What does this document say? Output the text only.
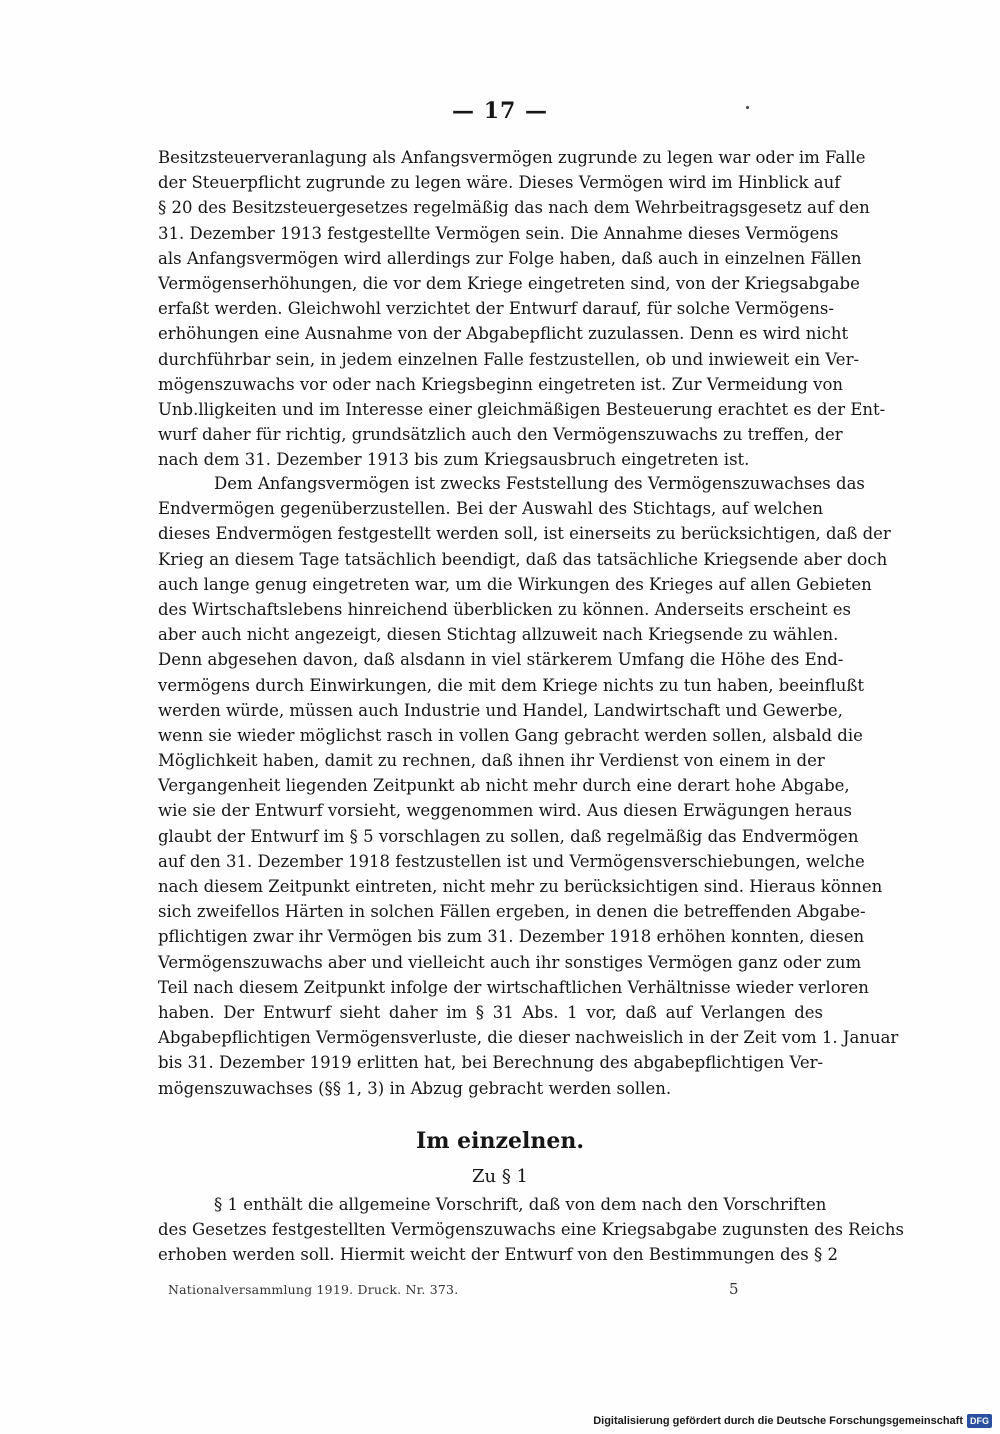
— 17 —
Besitzsteuerveranlagung als Anfangsvermögen zugrunde zu legen war oder im Falle
der Steuerpflicht zugrunde zu legen wäre. Dieses Vermögen wird im Hinblick auf
§ 20 des Besitzsteuergesetzes regelmäßig das nach dem Wehrbeitragsgesetz auf den
31. Dezember 1913 festgestellte Vermögen sein. Die Annahme dieses Vermögens
als Anfangsvermögen wird allerdings zur Folge haben, daß auch in einzelnen Fällen
Vermögenserhöhungen, die vor dem Kriege eingetreten sind, von der Kriegsabgabe
erfaßt werden. Gleichwohl verzichtet der Entwurf darauf, für solche Vermögens-
erhöhungen eine Ausnahme von der Abgabepflicht zuzulassen. Denn es wird nicht
durchführbar sein, in jedem einzelnen Falle festzustellen, ob und inwieweit ein Ver-
mögenszuwachs vor oder nach Kriegsbeginn eingetreten ist. Zur Vermeidung von
Unb.lligkeiten und im Interesse einer gleichmäßigen Besteuerung erachtet es der Ent-
wurf daher für richtig, grundsätzlich auch den Vermögenszuwachs zu treffen, der
nach dem 31. Dezember 1913 bis zum Kriegsausbruch eingetreten ist.
Dem Anfangsvermögen ist zwecks Feststellung des Vermögenszuwachses das
Endvermögen gegenüberzustellen. Bei der Auswahl des Stichtags, auf welchen
dieses Endvermögen festgestellt werden soll, ist einerseits zu berücksichtigen, daß der
Krieg an diesem Tage tatsächlich beendigt, daß das tatsächliche Kriegsende aber doch
auch lange genug eingetreten war, um die Wirkungen des Krieges auf allen Gebieten
des Wirtschaftslebens hinreichend überblicken zu können. Anderseits erscheint es
aber auch nicht angezeigt, diesen Stichtag allzuweit nach Kriegsende zu wählen.
Denn abgesehen davon, daß alsdann in viel stärkerem Umfang die Höhe des End-
vermögens durch Einwirkungen, die mit dem Kriege nichts zu tun haben, beeinflußt
werden würde, müssen auch Industrie und Handel, Landwirtschaft und Gewerbe,
wenn sie wieder möglichst rasch in vollen Gang gebracht werden sollen, alsbald die
Möglichkeit haben, damit zu rechnen, daß ihnen ihr Verdienst von einem in der
Vergangenheit liegenden Zeitpunkt ab nicht mehr durch eine derart hohe Abgabe,
wie sie der Entwurf vorsieht, weggenommen wird. Aus diesen Erwägungen heraus
glaubt der Entwurf im § 5 vorschlagen zu sollen, daß regelmäßig das Endvermögen
auf den 31. Dezember 1918 festzustellen ist und Vermögensverschiebungen, welche
nach diesem Zeitpunkt eintreten, nicht mehr zu berücksichtigen sind. Hieraus können
sich zweifellos Härten in solchen Fällen ergeben, in denen die betreffenden Abgabe-
pflichtigen zwar ihr Vermögen bis zum 31. Dezember 1918 erhöhen konnten, diesen
Vermögenszuwachs aber und vielleicht auch ihr sonstiges Vermögen ganz oder zum
Teil nach diesem Zeitpunkt infolge der wirtschaftlichen Verhältnisse wieder verloren
haben. Der Entwurf sieht daher im § 31 Abs. 1 vor, daß auf Verlangen des
Abgabepflichtigen Vermögensverluste, die dieser nachweislich in der Zeit vom 1. Januar
bis 31. Dezember 1919 erlitten hat, bei Berechnung des abgabepflichtigen Ver-
mögenszuwachses (§§ 1, 3) in Abzug gebracht werden sollen.
Im einzelnen.
Zu § 1
§ 1 enthält die allgemeine Vorschrift, daß von dem nach den Vorschriften
des Gesetzes festgestellten Vermögenszuwachs eine Kriegsabgabe zugunsten des Reichs
erhoben werden soll. Hiermit weicht der Entwurf von den Bestimmungen des § 2
Nationalversammlung 1919. Druck. Nr. 373.	5
Digitalisierung gefördert durch die Deutsche Forschungsgemeinschaft DFG
